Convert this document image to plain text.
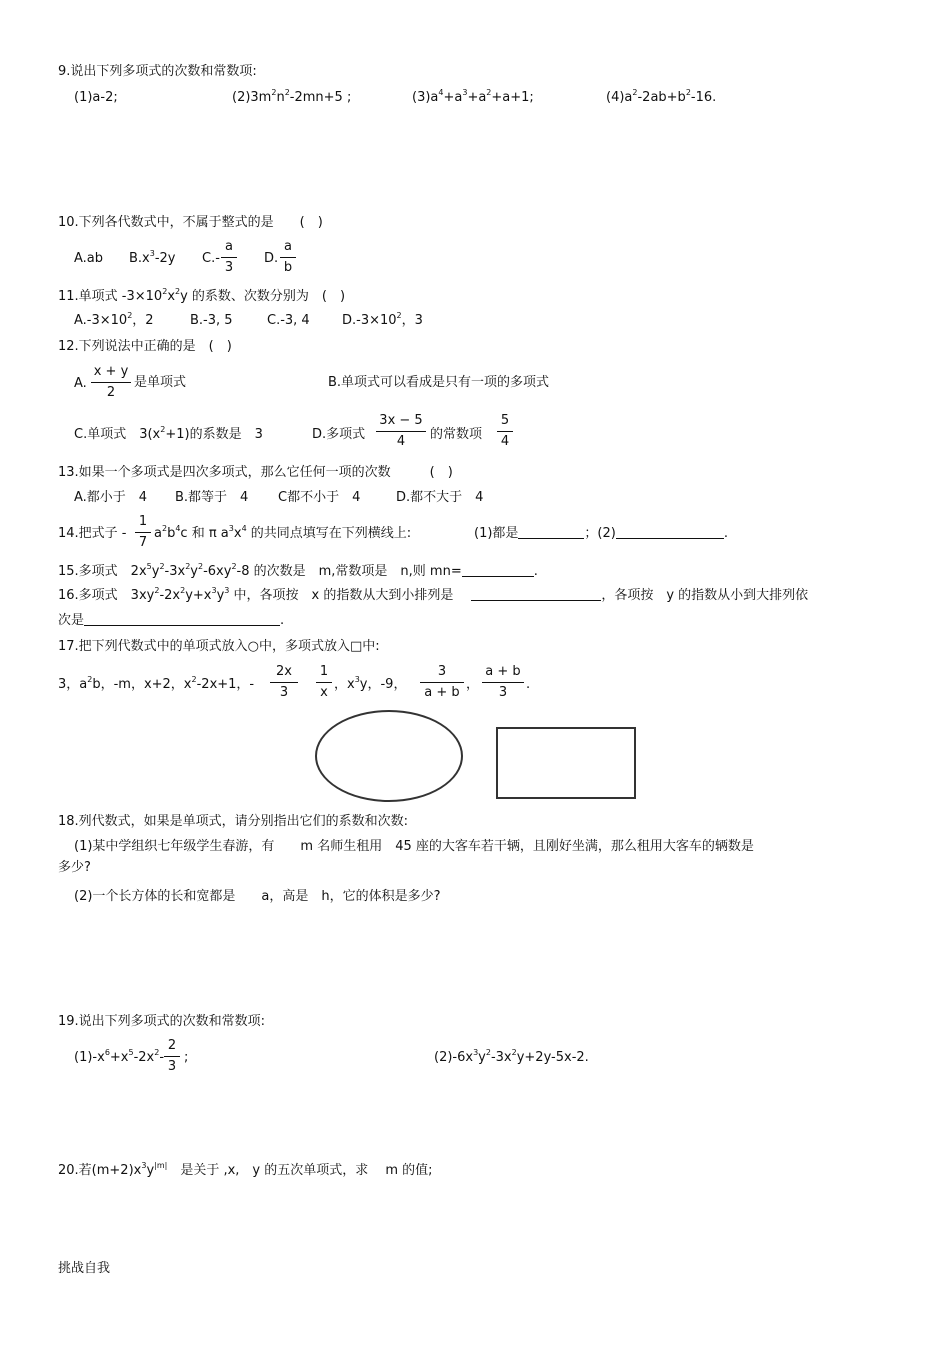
9.说出下列多项式的次数和常数项:
(1)a-2;	$(2)3m^2n^2-2mn+5$ ;	$(3)a^4+a^3+a^2+a+1$;	$(4)a^2-2ab+b^2-16$.
10.下列各代数式中，不属于整式的是　　(　)
A.ab $B.x^3-2y$ $C.- \frac{a}{3} D$. $\frac{a}{b}$
11.单项式 $-3\times 10^2x^2y$ 的系数、次数分别为　(　)
$A.-3\times 10^2$，2	B.-3, 5	C.-3, 4 $D.-3\times 10^2$，3
12.下列说法中正确的是　(　)
A. $\frac{x + y}{2}$ 是单项式	B.单项式可以看成是只有一项的多项式
C.单项式　$3(x^2+1)$的系数是　3	D.多项式 $\frac{3x - 5}{4}$ 的常数项 $\frac{5}{4}$
13.如果一个多项式是四次多项式，那么它任何一项的次数　　　(　)
A.都小于　4 B.都等于　4 C都不小于　4	D.都不大于　4
14.把式子 - $\frac{1}{7} a^2b^4c$ 和 π $a^3x^4$ 的共同点填写在下列横线上:	(1)都是	；(2)	.
15.多项式　$2x^5y^2-3x^2y^2-6xy^2-8$ 的次数是　m,常数项是　n,则 mn=	.
16.多项式　$3xy^2-2x^2y+x^3y^3$ 中，各项按　x 的指数从大到小排列是	，各项按　y 的指数从小到大排列依
次是	.
17.把下列代数式中的单项式放入○中，多项式放入□中:
3，$a^2b$，-m，x+2，$x^2-2x+1$，- $\frac{2x}{3} \frac{1}{x}$ ，$x^3y$，-9， $\frac{3}{a + b}$ ， $\frac{a + b}{3}$ .
18.列代数式，如果是单项式，请分别指出它们的系数和次数:
(1)某中学组织七年级学生春游，有　　m 名师生租用　45 座的大客车若干辆，且刚好坐满，那么租用大客车的辆数是
多少?
(2)一个长方体的长和宽都是　　a，高是　h，它的体积是多少?
19.说出下列多项式的次数和常数项:
$(1)-x^6+x^5-2x^2- \frac{2}{3}$ ;	$(2)-6x^3y^2-3x^2y+2y-5x-2$.
20.若$(m+2)x^3y^{|m|}$　是关于 ,x,　y 的五次单项式，求　 m 的值;
挑战自我
